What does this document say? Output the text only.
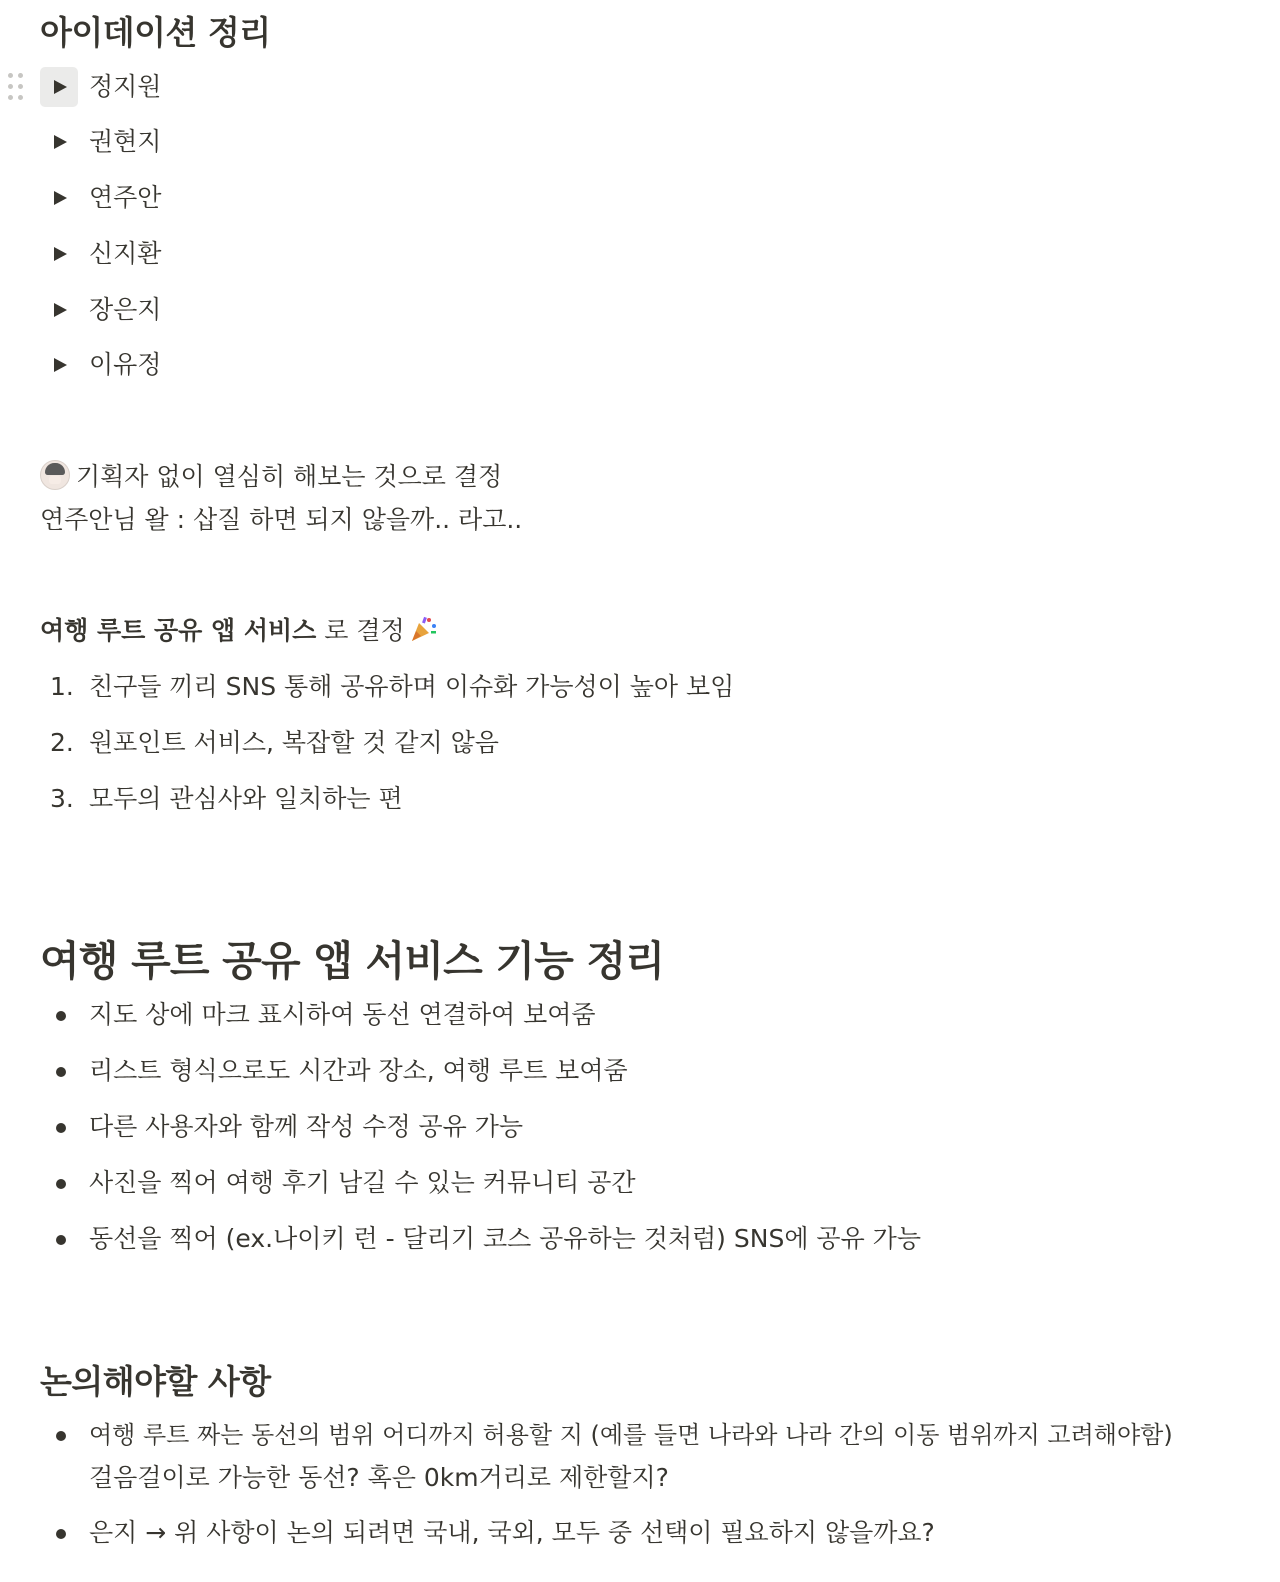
아이데이션 정리
정지원
권현지
연주안
신지환
장은지
이유정
기획자 없이 열심히 해보는 것으로 결정
연주안님 왈 : 삽질 하면 되지 않을까.. 라고..
여행 루트 공유 앱 서비스 로 결정
1. 친구들 끼리 SNS 통해 공유하며 이슈화 가능성이 높아 보임
2. 원포인트 서비스, 복잡할 것 같지 않음
3. 모두의 관심사와 일치하는 편
여행 루트 공유 앱 서비스 기능 정리
지도 상에 마크 표시하여 동선 연결하여 보여줌
리스트 형식으로도 시간과 장소, 여행 루트 보여줌
다른 사용자와 함께 작성 수정 공유 가능
사진을 찍어 여행 후기 남길 수 있는 커뮤니티 공간
동선을 찍어 (ex.나이키 런 - 달리기 코스 공유하는 것처럼) SNS에 공유 가능
논의해야할 사항
여행 루트 짜는 동선의 범위 어디까지 허용할 지 (예를 들면 나라와 나라 간의 이동 범위까지 고려해야함)
걸음걸이로 가능한 동선? 혹은 0km거리로 제한할지?
은지 → 위 사항이 논의 되려면 국내, 국외, 모두 중 선택이 필요하지 않을까요?
